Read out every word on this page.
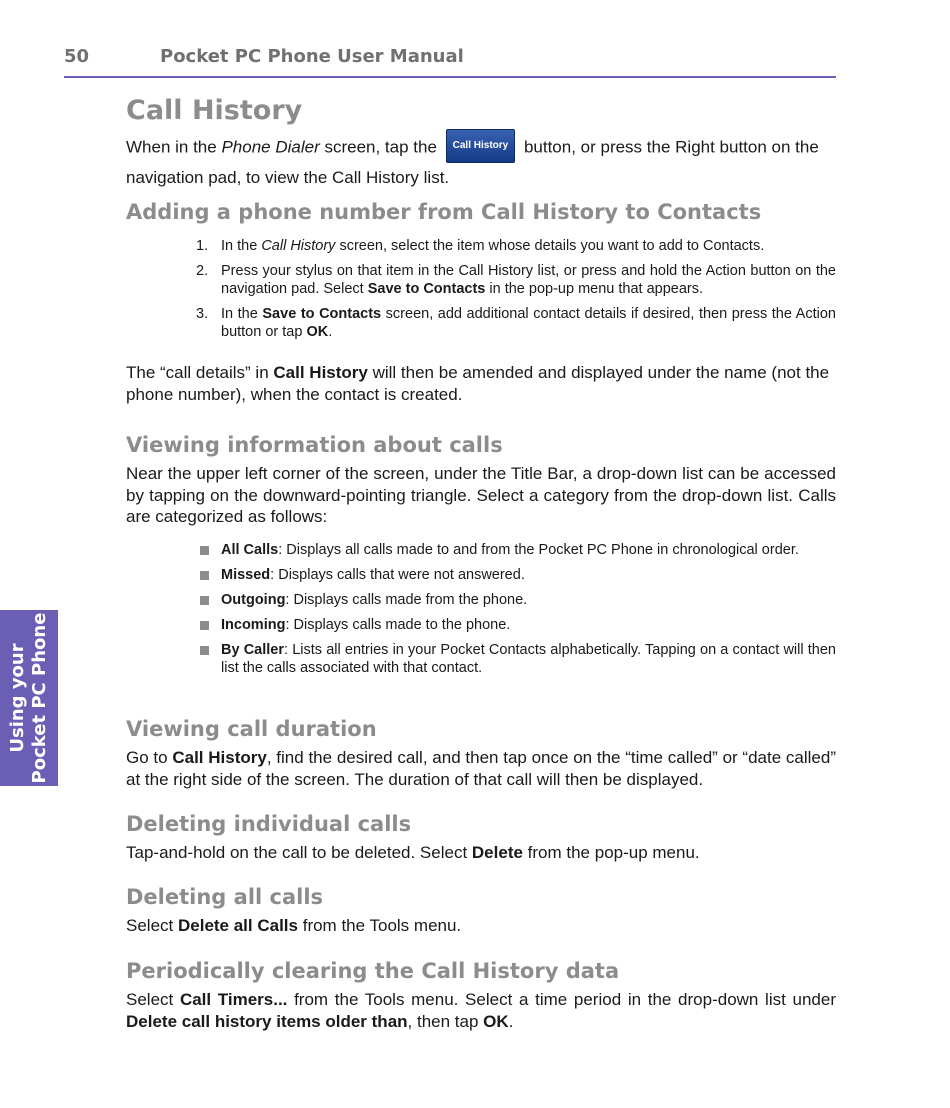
50	Pocket PC Phone User Manual
Using your Pocket PC Phone
Call History

When in the Phone Dialer screen, tap the Call History button, or press the Right button on the navigation pad, to view the Call History list.

Adding a phone number from Call History to Contacts
1. In the Call History screen, select the item whose details you want to add to Contacts.
2. Press your stylus on that item in the Call History list, or press and hold the Action button on the navigation pad. Select Save to Contacts in the pop-up menu that appears.
3. In the Save to Contacts screen, add additional contact details if desired, then press the Action button or tap OK.

The “call details” in Call History will then be amended and displayed under the name (not the phone number), when the contact is created.

Viewing information about calls

Near the upper left corner of the screen, under the Title Bar, a drop-down list can be accessed by tapping on the downward-pointing triangle. Select a category from the drop-down list. Calls are categorized as follows:

All Calls: Displays all calls made to and from the Pocket PC Phone in chronological order.
Missed: Displays calls that were not answered.
Outgoing: Displays calls made from the phone.
Incoming: Displays calls made to the phone.
By Caller: Lists all entries in your Pocket Contacts alphabetically. Tapping on a contact will then list the calls associated with that contact.
Viewing call duration

Go to Call History, find the desired call, and then tap once on the “time called” or “date called” at the right side of the screen. The duration of that call will then be displayed.

Deleting individual calls

Tap-and-hold on the call to be deleted. Select Delete from the pop-up menu.

Deleting all calls

Select Delete all Calls from the Tools menu.

Periodically clearing the Call History data

Select Call Timers... from the Tools menu. Select a time period in the drop-down list under Delete call history items older than, then tap OK.
